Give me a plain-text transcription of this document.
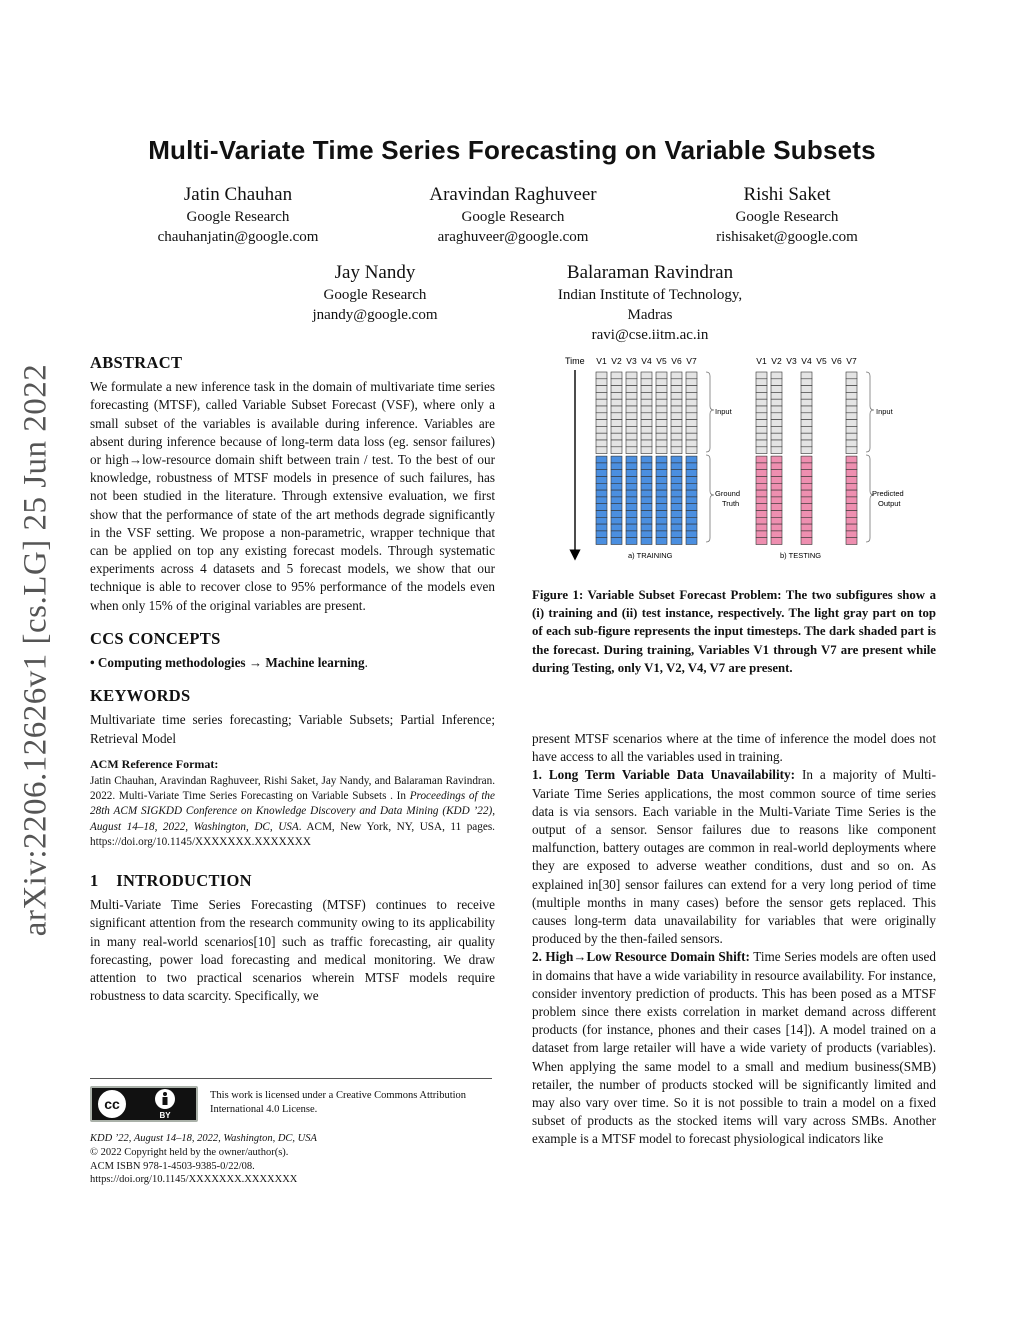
arXiv:2206.12626v1 [cs.LG] 25 Jun 2022
Multi-Variate Time Series Forecasting on Variable Subsets
Jatin Chauhan
Google Research
chauhanjatin@google.com
Aravindan Raghuveer
Google Research
araghuveer@google.com
Rishi Saket
Google Research
rishisaket@google.com
Jay Nandy
Google Research
jnandy@google.com
Balaraman Ravindran
Indian Institute of Technology,
Madras
ravi@cse.iitm.ac.in
ABSTRACT

We formulate a new inference task in the domain of multivariate time series forecasting (MTSF), called Variable Subset Forecast (VSF), where only a small subset of the variables is available during inference. Variables are absent during inference because of long-term data loss (eg. sensor failures) or high→low-resource domain shift between train / test. To the best of our knowledge, robustness of MTSF models in presence of such failures, has not been studied in the literature. Through extensive evaluation, we first show that the performance of state of the art methods degrade significantly in the VSF setting. We propose a non-parametric, wrapper technique that can be applied on top any existing forecast models. Through systematic experiments across 4 datasets and 5 forecast models, we show that our technique is able to recover close to 95% performance of the models even when only 15% of the original variables are present.

CCS CONCEPTS

• Computing methodologies → Machine learning.

KEYWORDS

Multivariate time series forecasting; Variable Subsets; Partial Inference; Retrieval Model

ACM Reference Format:

Jatin Chauhan, Aravindan Raghuveer, Rishi Saket, Jay Nandy, and Balaraman Ravindran. 2022. Multi-Variate Time Series Forecasting on Variable Subsets . In Proceedings of the 28th ACM SIGKDD Conference on Knowledge Discovery and Data Mining (KDD ’22), August 14–18, 2022, Washington, DC, USA. ACM, New York, NY, USA, 11 pages. https://doi.org/10.1145/XXXXXXX.XXXXXXX

1    INTRODUCTION

Multi-Variate Time Series Forecasting (MTSF) continues to receive significant attention from the research community owing to its applicability in many real-world scenarios[10] such as traffic forecasting, air quality forecasting, power load forecasting and medical monitoring. We draw attention to two practical scenarios wherein MTSF models require robustness to data scarcity. Specifically, we

cc
BY
This work is licensed under a Creative Commons Attribution International 4.0 License.
KDD ’22, August 14–18, 2022, Washington, DC, USA
© 2022 Copyright held by the owner/author(s).
ACM ISBN 978-1-4503-9385-0/22/08.
https://doi.org/10.1145/XXXXXXX.XXXXXXX
Time V1 V2 V3 V4 V5 V6 V7	V1 V2 V3 V4 V5 V6 V7
Input
Ground
Truth
Input
Predicted
Output
a) TRAINING	b) TESTING
Figure 1: Variable Subset Forecast Problem: The two subfigures show a (i) training and (ii) test instance, respectively. The light gray part on top of each sub-figure represents the input timesteps. The dark shaded part is the forecast. During training, Variables V1 through V7 are present while during Testing, only V1, V2, V4, V7 are present.

present MTSF scenarios where at the time of inference the model does not have access to all the variables used in training.

1. Long Term Variable Data Unavailability: In a majority of Multi-Variate Time Series applications, the most common source of time series data is via sensors. Each variable in the Multi-Variate Time Series is the output of a sensor. Sensor failures due to reasons like component malfunction, battery outages are common in real-world deployments where they are exposed to adverse weather conditions, dust and so on. As explained in[30] sensor failures can extend for a very long period of time (multiple months in many cases) before the sensor gets replaced. This causes long-term data unavailability for variables that were originally produced by the then-failed sensors.

2. High→Low Resource Domain Shift: Time Series models are often used in domains that have a wide variability in resource availability. For instance, consider inventory prediction of products. This has been posed as a MTSF problem since there exists correlation in market demand across different products (for instance, phones and their cases [14]). A model trained on a dataset from large retailer will have a wide variety of products (variables). When applying the same model to a small and medium business(SMB) retailer, the number of products stocked will be significantly limited and may also vary over time. So it is not possible to train a model on a fixed subset of products as the stocked items will vary across SMBs. Another example is a MTSF model to forecast physiological indicators like
